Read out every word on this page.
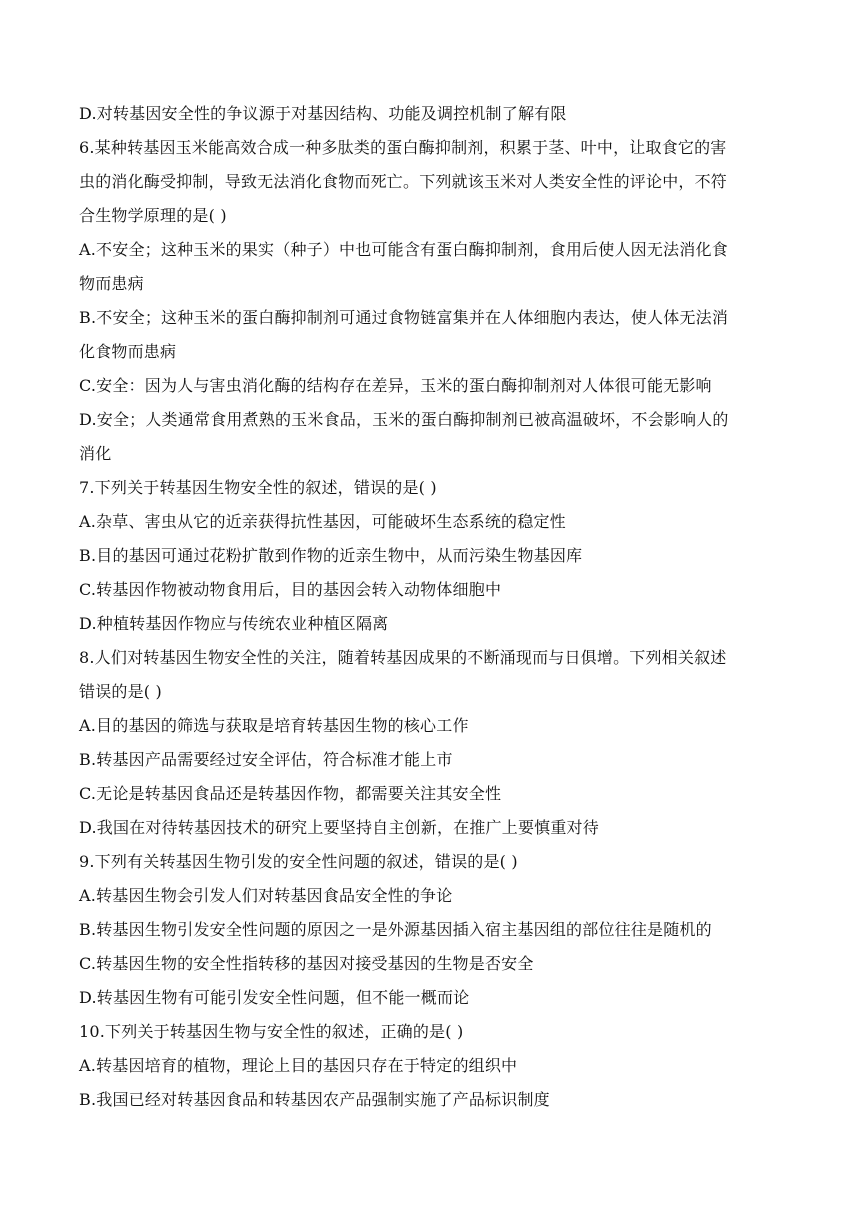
D.对转基因安全性的争议源于对基因结构、功能及调控机制了解有限
6.某种转基因玉米能高效合成一种多肽类的蛋白酶抑制剂，积累于茎、叶中，让取食它的害
虫的消化酶受抑制，导致无法消化食物而死亡。下列就该玉米对人类安全性的评论中，不符
合生物学原理的是( )
A.不安全；这种玉米的果实（种子）中也可能含有蛋白酶抑制剂，食用后使人因无法消化食
物而患病
B.不安全；这种玉米的蛋白酶抑制剂可通过食物链富集并在人体细胞内表达，使人体无法消
化食物而患病
C.安全：因为人与害虫消化酶的结构存在差异，玉米的蛋白酶抑制剂对人体很可能无影响
D.安全；人类通常食用煮熟的玉米食品，玉米的蛋白酶抑制剂已被高温破坏，不会影响人的
消化
7.下列关于转基因生物安全性的叙述，错误的是( )
A.杂草、害虫从它的近亲获得抗性基因，可能破坏生态系统的稳定性
B.目的基因可通过花粉扩散到作物的近亲生物中，从而污染生物基因库
C.转基因作物被动物食用后，目的基因会转入动物体细胞中
D.种植转基因作物应与传统农业种植区隔离
8.人们对转基因生物安全性的关注，随着转基因成果的不断涌现而与日俱增。下列相关叙述
错误的是( )
A.目的基因的筛选与获取是培育转基因生物的核心工作
B.转基因产品需要经过安全评估，符合标准才能上市
C.无论是转基因食品还是转基因作物，都需要关注其安全性
D.我国在对待转基因技术的研究上要坚持自主创新，在推广上要慎重对待
9.下列有关转基因生物引发的安全性问题的叙述，错误的是( )
A.转基因生物会引发人们对转基因食品安全性的争论
B.转基因生物引发安全性问题的原因之一是外源基因插入宿主基因组的部位往往是随机的
C.转基因生物的安全性指转移的基因对接受基因的生物是否安全
D.转基因生物有可能引发安全性问题，但不能一概而论
10.下列关于转基因生物与安全性的叙述，正确的是( )
A.转基因培育的植物，理论上目的基因只存在于特定的组织中
B.我国已经对转基因食品和转基因农产品强制实施了产品标识制度
